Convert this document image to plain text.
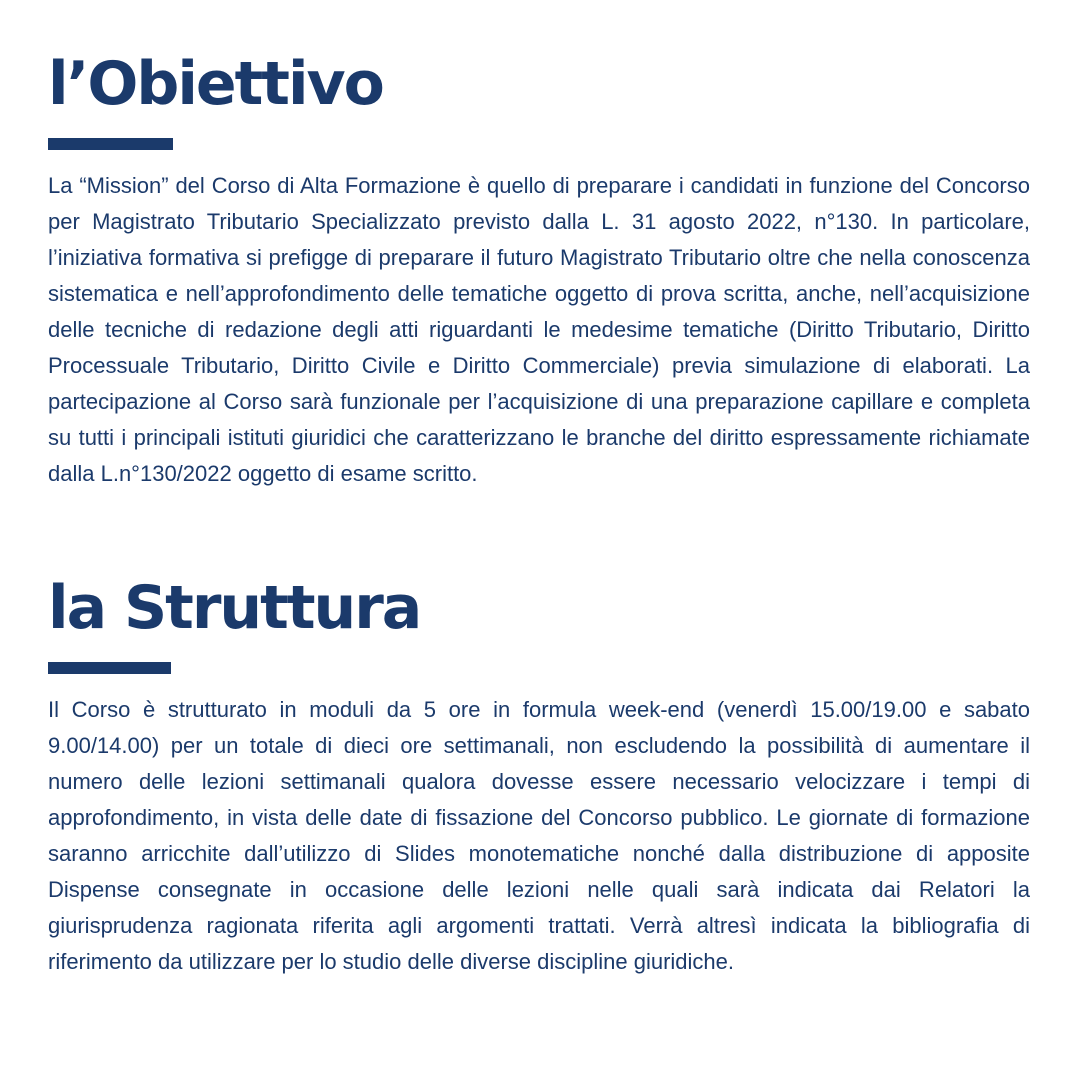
l’Obiettivo

La “Mission” del Corso di Alta Formazione è quello di preparare i candidati in funzione del Concorso per Magistrato Tributario Specializzato previsto dalla L. 31 agosto 2022, n°130. In particolare, l’iniziativa formativa si prefigge di preparare il futuro Magistrato Tributario oltre che nella conoscenza sistematica e nell’approfondimento delle tematiche oggetto di prova scritta, anche, nell’acquisizione delle tecniche di redazione degli atti riguardanti le medesime tematiche (Diritto Tributario, Diritto Processuale Tributario, Diritto Civile e Diritto Commerciale) previa simulazione di elaborati. La partecipazione al Corso sarà funzionale per l’acquisizione di una preparazione capillare e completa su tutti i principali istituti giuridici che caratterizzano le branche del diritto espressamente richiamate dalla L.n°130/2022 oggetto di esame scritto.

la Struttura

Il Corso è strutturato in moduli da 5 ore in formula week-end (venerdì 15.00/19.00 e sabato 9.00/14.00) per un totale di dieci ore settimanali, non escludendo la possibilità di aumentare il numero delle lezioni settimanali qualora dovesse essere necessario velocizzare i tempi di approfondimento, in vista delle date di fissazione del Concorso pubblico. Le giornate di formazione saranno arricchite dall’utilizzo di Slides monotematiche nonché dalla distribuzione di apposite Dispense consegnate in occasione delle lezioni nelle quali sarà indicata dai Relatori la giurisprudenza ragionata riferita agli argomenti trattati. Verrà altresì indicata la bibliografia di riferimento da utilizzare per lo studio delle diverse discipline giuridiche.
